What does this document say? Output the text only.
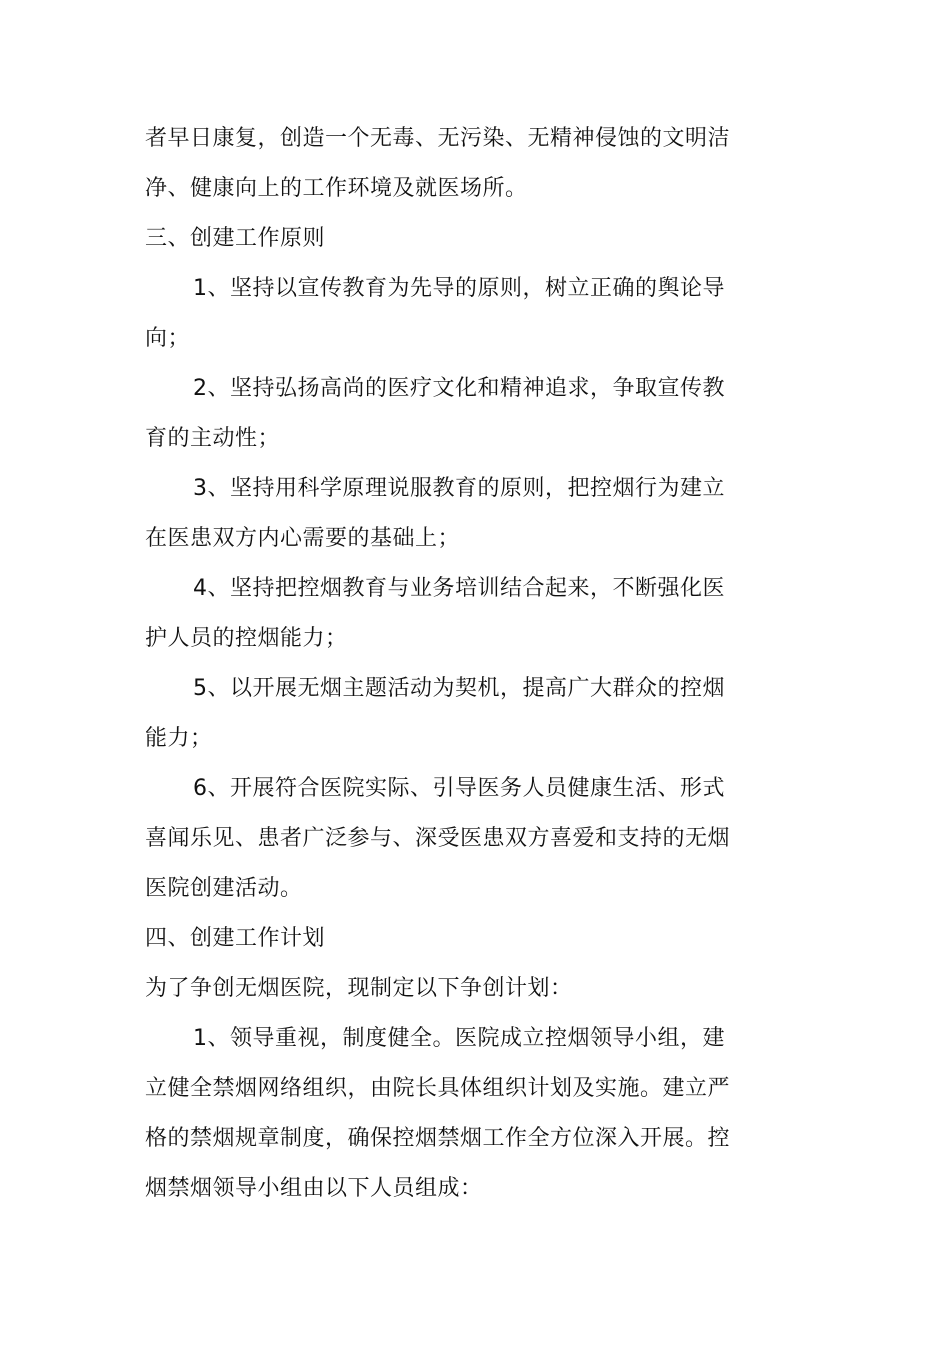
者早日康复，创造一个无毒、无污染、无精神侵蚀的文明洁
净、健康向上的工作环境及就医场所。
三、创建工作原则
1、坚持以宣传教育为先导的原则，树立正确的舆论导
向；
2、坚持弘扬高尚的医疗文化和精神追求，争取宣传教
育的主动性；
3、坚持用科学原理说服教育的原则，把控烟行为建立
在医患双方内心需要的基础上；
4、坚持把控烟教育与业务培训结合起来，不断强化医
护人员的控烟能力；
5、以开展无烟主题活动为契机，提高广大群众的控烟
能力；
6、开展符合医院实际、引导医务人员健康生活、形式
喜闻乐见、患者广泛参与、深受医患双方喜爱和支持的无烟
医院创建活动。
四、创建工作计划
为了争创无烟医院，现制定以下争创计划：
1、领导重视，制度健全。医院成立控烟领导小组，建
立健全禁烟网络组织，由院长具体组织计划及实施。建立严
格的禁烟规章制度，确保控烟禁烟工作全方位深入开展。控
烟禁烟领导小组由以下人员组成：
